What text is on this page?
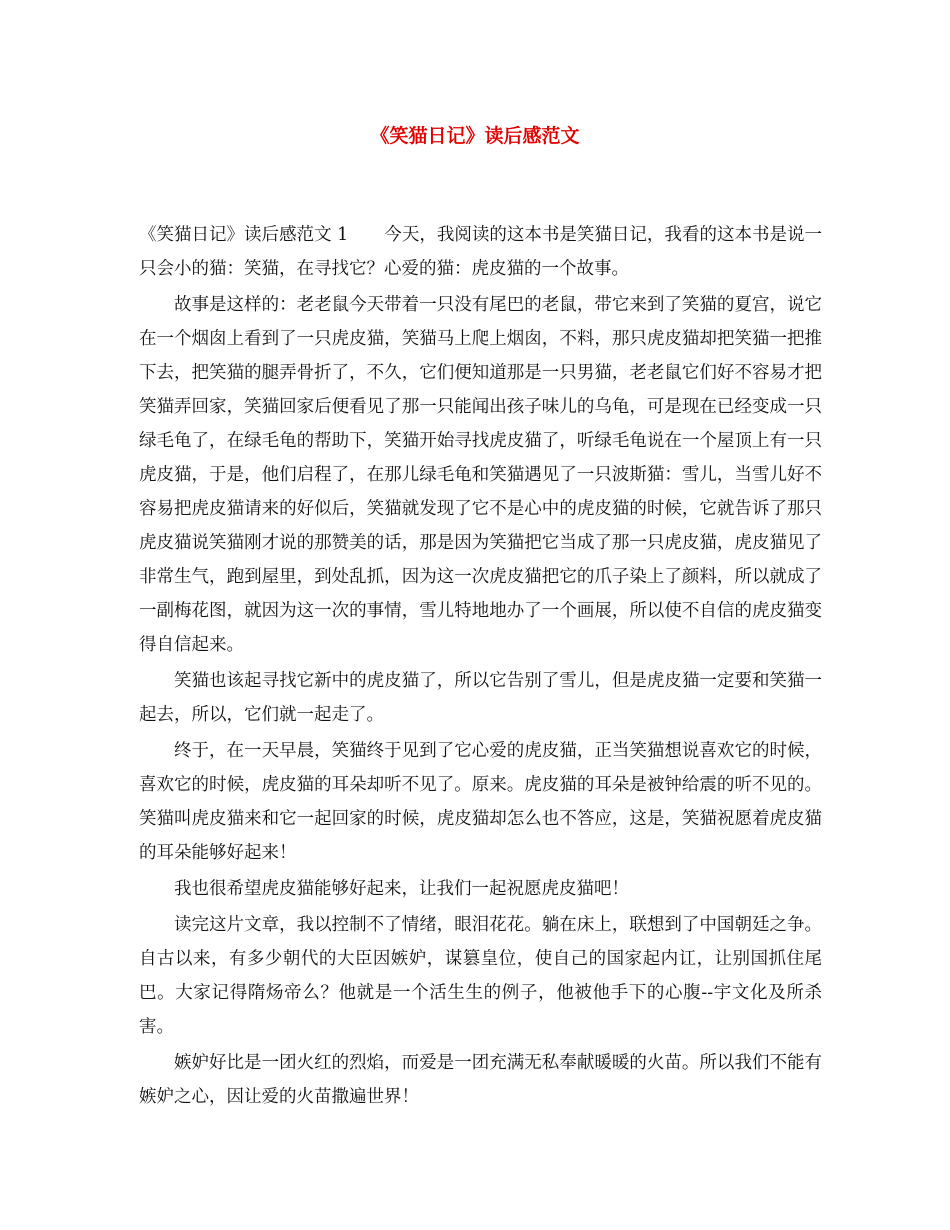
《笑猫日记》读后感范文

《笑猫日记》读后感范文 1 今天，我阅读的这本书是笑猫日记，我看的这本书是说一只会小的猫：笑猫，在寻找它？心爱的猫：虎皮猫的一个故事。

故事是这样的：老老鼠今天带着一只没有尾巴的老鼠，带它来到了笑猫的夏宫，说它在一个烟囱上看到了一只虎皮猫，笑猫马上爬上烟囱，不料，那只虎皮猫却把笑猫一把推下去，把笑猫的腿弄骨折了，不久，它们便知道那是一只男猫，老老鼠它们好不容易才把笑猫弄回家，笑猫回家后便看见了那一只能闻出孩子味儿的乌龟，可是现在已经变成一只绿毛龟了，在绿毛龟的帮助下，笑猫开始寻找虎皮猫了，听绿毛龟说在一个屋顶上有一只虎皮猫，于是，他们启程了，在那儿绿毛龟和笑猫遇见了一只波斯猫：雪儿，当雪儿好不容易把虎皮猫请来的好似后，笑猫就发现了它不是心中的虎皮猫的时候，它就告诉了那只虎皮猫说笑猫刚才说的那赞美的话，那是因为笑猫把它当成了那一只虎皮猫，虎皮猫见了非常生气，跑到屋里，到处乱抓，因为这一次虎皮猫把它的爪子染上了颜料，所以就成了一副梅花图，就因为这一次的事情，雪儿特地地办了一个画展，所以使不自信的虎皮猫变得自信起来。

笑猫也该起寻找它新中的虎皮猫了，所以它告别了雪儿，但是虎皮猫一定要和笑猫一起去，所以，它们就一起走了。

终于，在一天早晨，笑猫终于见到了它心爱的虎皮猫，正当笑猫想说喜欢它的时候，喜欢它的时候，虎皮猫的耳朵却听不见了。原来。虎皮猫的耳朵是被钟给震的听不见的。笑猫叫虎皮猫来和它一起回家的时候，虎皮猫却怎么也不答应，这是，笑猫祝愿着虎皮猫的耳朵能够好起来！

我也很希望虎皮猫能够好起来，让我们一起祝愿虎皮猫吧！

读完这片文章，我以控制不了情绪，眼泪花花。躺在床上，联想到了中国朝廷之争。自古以来，有多少朝代的大臣因嫉妒，谋篡皇位，使自己的国家起内讧，让别国抓住尾巴。大家记得隋炀帝么？他就是一个活生生的例子，他被他手下的心腹--宇文化及所杀害。

嫉妒好比是一团火红的烈焰，而爱是一团充满无私奉献暖暖的火苗。所以我们不能有嫉妒之心，因让爱的火苗撒遍世界！
